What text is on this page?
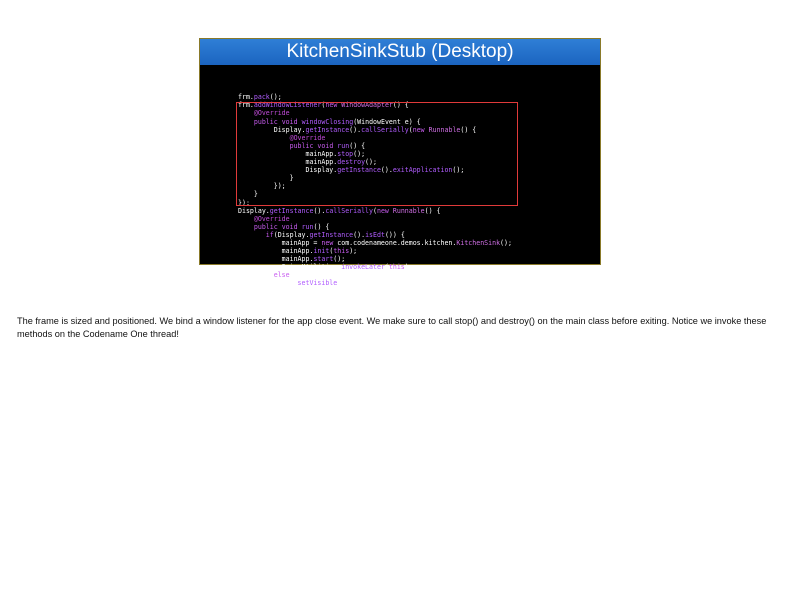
KitchenSinkStub (Desktop)

frm.pack();
frm.addWindowListener(new WindowAdapter() {
@Override
public void windowClosing(WindowEvent e) {
Display.getInstance().callSerially(new Runnable() {
@Override
public void run() {
mainApp.stop();
mainApp.destroy();
Display.getInstance().exitApplication();
}
});
}
});
Display.getInstance().callSerially(new Runnable() {
@Override
public void run() {
if(Display.getInstance().isEdt()) {
mainApp = new com.codenameone.demos.kitchen.KitchenSink();
mainApp.init(this);
mainApp.start();
SwingUtilities.invokeLater(this);
} else {
frm.setVisible(true);
The frame is sized and positioned. We bind a window listener for the app close event. We make sure to call stop() and destroy() on the main class before exiting. Notice we invoke these methods on the Codename One thread!
